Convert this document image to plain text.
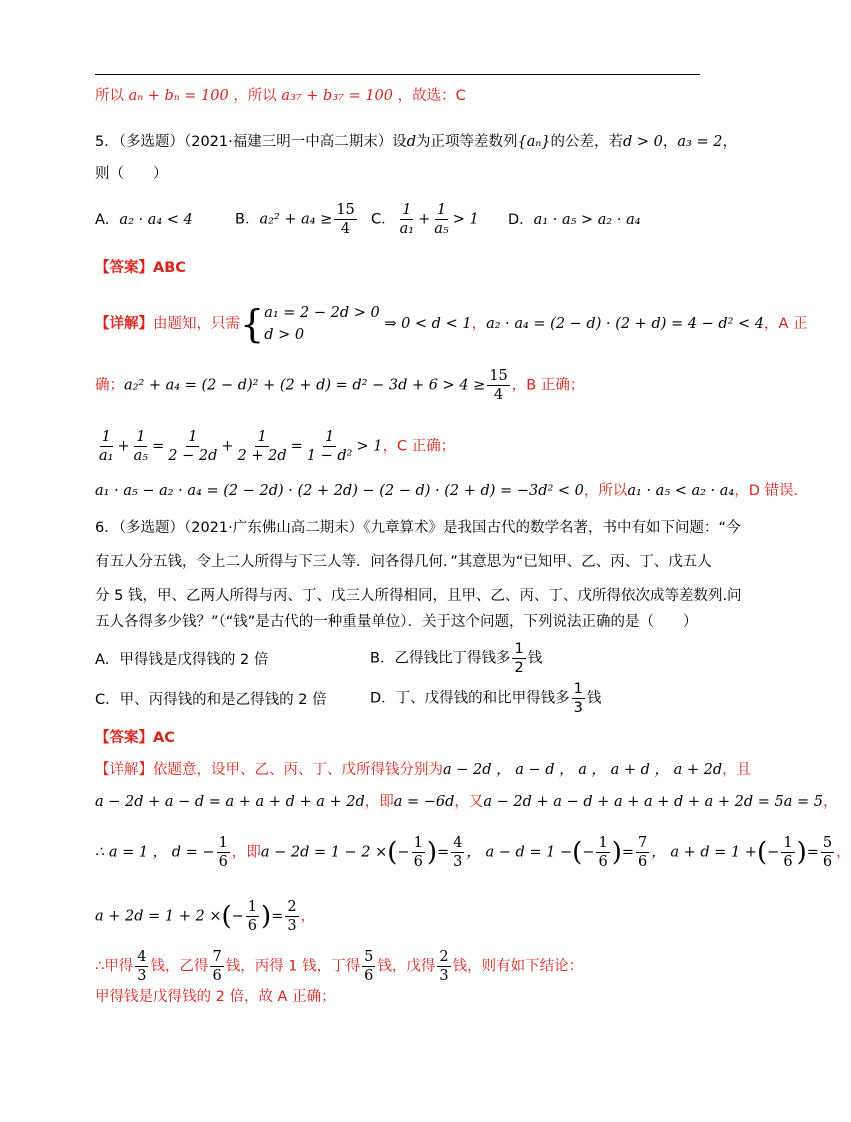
所以 aₙ + bₙ = 100 ，所以 a₃₇ + b₃₇ = 100 ，故选：C
5．（多选题）（2021·福建三明一中高二期末）设d为正项等差数列{aₙ}的公差，若d > 0，a₃ = 2，
则（　　）
A．a₂ · a₄ < 4	B．$a_2^2 + a_4 \ge \frac{15}{4}$ C． $\frac{1}{\text{a₁}} + \frac{1}{\text{a₅}} > 1$ D．a₁ · a₅ > a₂ · a₄
【答案】ABC
【详解】由题知，只需{ a₁ = 2 − 2d > 0
d > 0
⇒ 0 < d < 1，a₂ · a₄ = (2 − d) · (2 + d) = 4 − d² < 4，A 正
确；$a_2^2 + a_4 = (2 - d)^2 + (2 + d) = d^2 - 3d + 6 > 4 \ge \frac{15}{4}$ ，B 正确；
$\frac{1}{\text{a₁}} + \frac{1}{\text{a₅}} = \frac{1}{2 - 2d} + \frac{1}{2 + 2d} = \frac{1}{\text{1 − d²}} > 1$，C 正确；
a₁ · a₅ − a₂ · a₄ = (2 − 2d) · (2 + 2d) − (2 − d) · (2 + d) = −3d² < 0，所以a₁ · a₅ < a₂ · a₄，D 错误.
6．（多选题）（2021·广东佛山高二期末）《九章算术》是我国古代的数学名著，书中有如下问题：“今
有五人分五钱，令上二人所得与下三人等．问各得几何．”其意思为“已知甲、乙、丙、丁、戊五人
分 5 钱，甲、乙两人所得与丙、丁、戊三人所得相同，且甲、乙、丙、丁、戊所得依次成等差数列.问
五人各得多少钱？”（“钱”是古代的一种重量单位）．关于这个问题，下列说法正确的是（　　）
A．甲得钱是戊得钱的 2 倍	B．乙得钱比丁得钱多 $\frac{1}{2}$ 钱
C．甲、丙得钱的和是乙得钱的 2 倍	D．丁、戊得钱的和比甲得钱多 $\frac{1}{3}$ 钱
【答案】AC
【详解】依题意，设甲、乙、丙、丁、戊所得钱分别为a − 2d ， a − d ， a ， a + d ， a + 2d，且
a − 2d + a − d = a + a + d + a + 2d，即a = −6d，又a − 2d + a − d + a + a + d + a + 2d = 5a = 5，
∴ a = 1 ， d = − $\frac{1}{6}$ ，即a − 2d = 1 − 2 ×(− $\frac{1}{6}$ )= $\frac{4}{3}$ ， a − d = 1 −(− $\frac{1}{6}$ )= $\frac{7}{6}$ ， a + d = 1 +(− $\frac{1}{6}$ )= $\frac{5}{6}$ ，
a + 2d = 1 + 2 ×(− $\frac{1}{6}$ )= $\frac{2}{3}$ ，
∴甲得 $\frac{4}{3}$ 钱，乙得 $\frac{7}{6}$ 钱，丙得 1 钱，丁得 $\frac{5}{6}$ 钱，戊得 $\frac{2}{3}$ 钱，则有如下结论：
甲得钱是戊得钱的 2 倍，故 A 正确；
